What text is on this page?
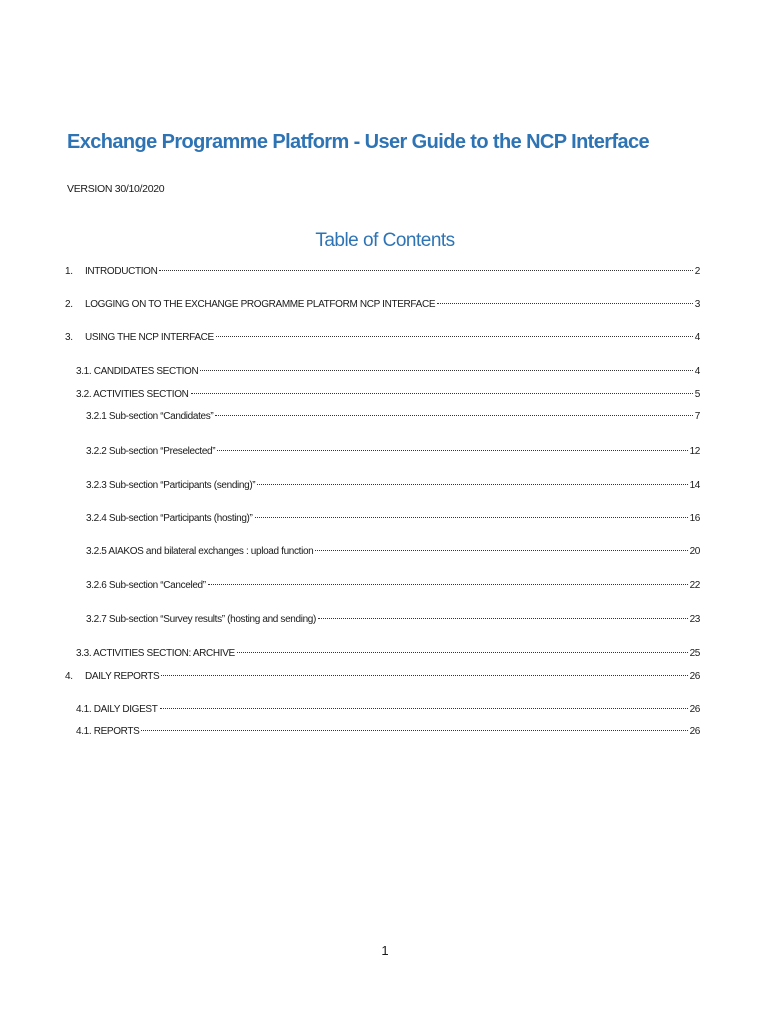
Exchange Programme Platform - User Guide to the NCP Interface
VERSION 30/10/2020
Table of Contents
1.	INTRODUCTION	2
2.	LOGGING ON TO THE EXCHANGE PROGRAMME PLATFORM NCP INTERFACE	3
3.	USING THE NCP INTERFACE	4
3.1. CANDIDATES SECTION	4
3.2. ACTIVITIES SECTION	5
3.2.1 Sub-section “Candidates”	7
3.2.2 Sub-section “Preselected”	12
3.2.3 Sub-section “Participants (sending)”	14
3.2.4 Sub-section “Participants (hosting)”	16
3.2.5 AIAKOS and bilateral exchanges : upload function	20
3.2.6 Sub-section “Canceled”	22
3.2.7 Sub-section “Survey results” (hosting and sending)	23
3.3. ACTIVITIES SECTION: ARCHIVE	25
4.	DAILY REPORTS	26
4.1. DAILY DIGEST	26
4.1. REPORTS	26
1
